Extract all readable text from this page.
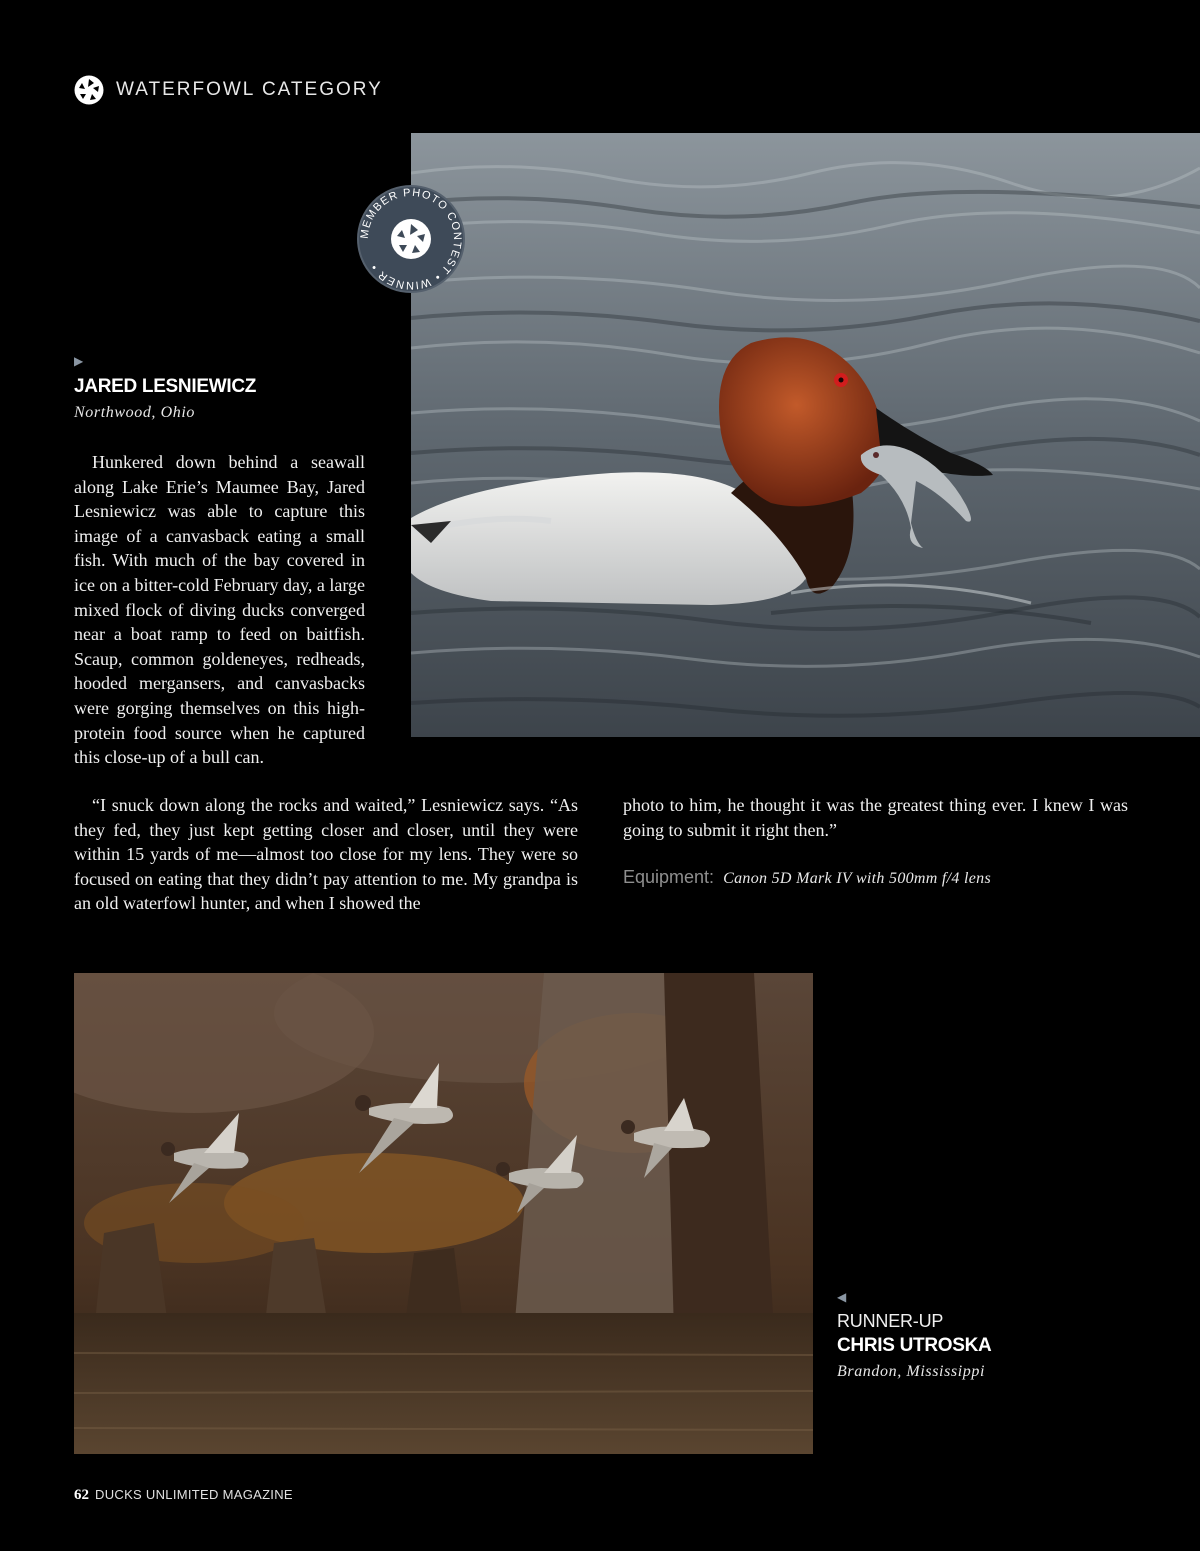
WATERFOWL CATEGORY
MEMBER PHOTO CONTEST • WINNER •
▶
JARED LESNIEWICZ
Northwood, Ohio

Hunkered down behind a seawall along Lake Erie’s Maumee Bay, Jared Lesniewicz was able to capture this image of a canvasback eating a small fish. With much of the bay covered in ice on a bitter-cold February day, a large mixed flock of diving ducks converged near a boat ramp to feed on baitfish. Scaup, common goldeneyes, redheads, hooded mergansers, and canvasbacks were gorging themselves on this high-protein food source when he captured this close-up of a bull can.

“I snuck down along the rocks and waited,” Lesniewicz says. “As they fed, they just kept getting closer and closer, until they were within 15 yards of me—almost too close for my lens. They were so focused on eating that they didn’t pay attention to me. My grandpa is an old waterfowl hunter, and when I showed the

photo to him, he thought it was the greatest thing ever. I knew I was going to submit it right then.”

Equipment: Canon 5D Mark IV with 500mm f/4 lens
◀
RUNNER-UP
CHRIS UTROSKA
Brandon, Mississippi
62 DUCKS UNLIMITED MAGAZINE
